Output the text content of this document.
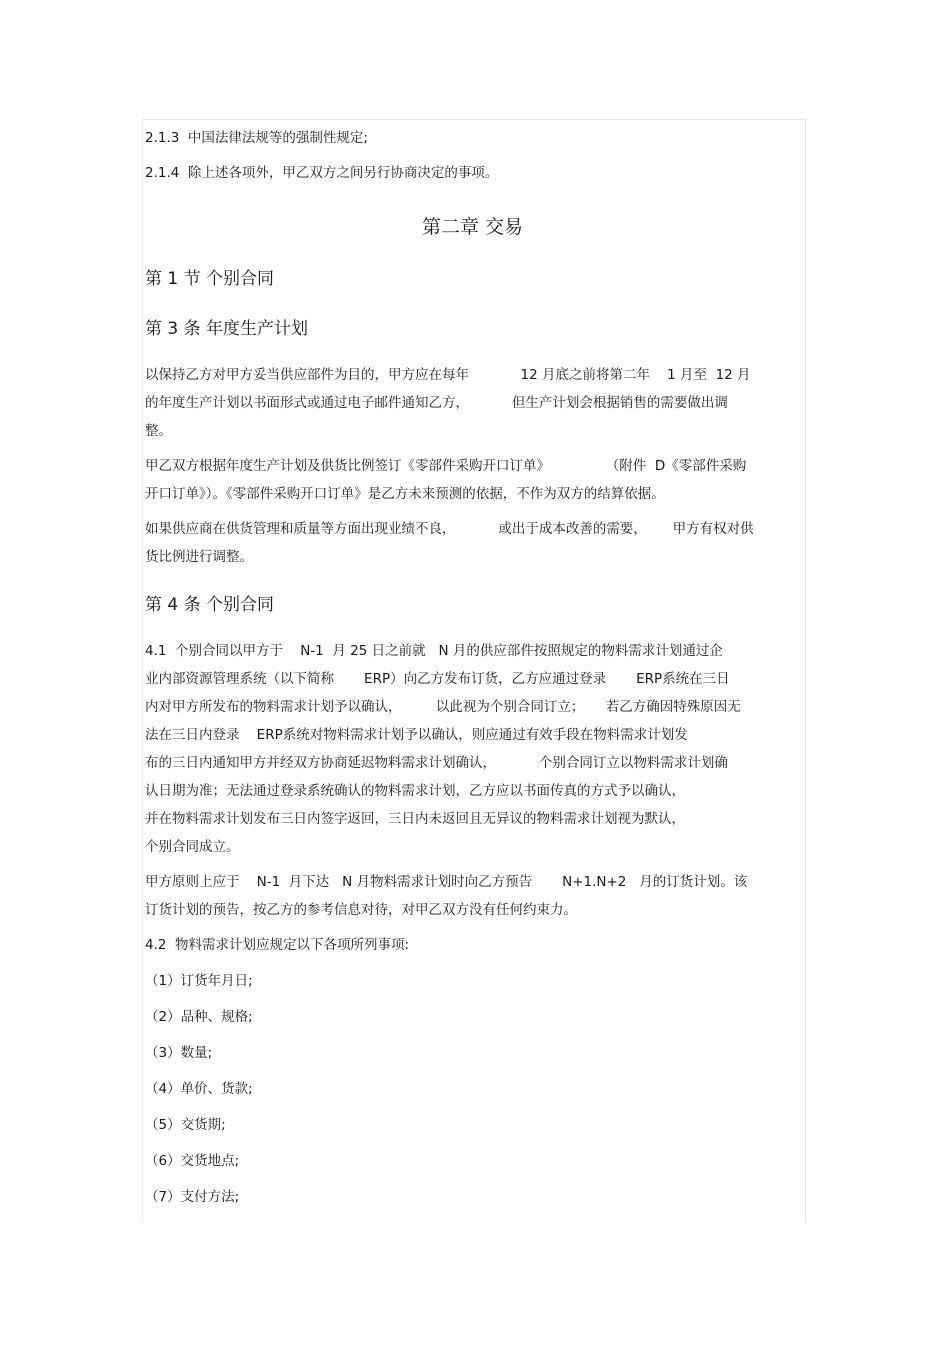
2.1.3  中国法律法规等的强制性规定;

2.1.4  除上述各项外，甲乙双方之间另行协商决定的事项。

第二章 交易
第 1 节 个别合同
第 3 条 年度生产计划

以保持乙方对甲方妥当供应部件为目的，甲方应在每年            12 月底之前将第二年    1 月至  12 月
的年度生产计划以书面形式或通过电子邮件通知乙方，          但生产计划会根据销售的需要做出调
整。

甲乙双方根据年度生产计划及供货比例签订《零部件采购开口订单》             （附件  D《零部件采购
开口订单》）。《零部件采购开口订单》是乙方未来预测的依据，不作为双方的结算依据。

如果供应商在供货管理和质量等方面出现业绩不良，          或出于成本改善的需要，      甲方有权对供
货比例进行调整。

第 4 条 个别合同

4.1  个别合同以甲方于    N-1  月 25 日之前就   N 月的供应部件按照规定的物料需求计划通过企
业内部资源管理系统（以下简称       ERP）向乙方发布订货，乙方应通过登录       ERP系统在三日
内对甲方所发布的物料需求计划予以确认，        以此视为个别合同订立；     若乙方确因特殊原因无
法在三日内登录    ERP系统对物料需求计划予以确认，则应通过有效手段在物料需求计划发
布的三日内通知甲方并经双方协商延迟物料需求计划确认，          个别合同订立以物料需求计划确
认日期为准；无法通过登录系统确认的物料需求计划，乙方应以书面传真的方式予以确认，
并在物料需求计划发布三日内签字返回，三日内未返回且无异议的物料需求计划视为默认，
个别合同成立。

甲方原则上应于    N-1  月下达   N 月物料需求计划时向乙方预告       N+1.N+2   月的订货计划。该
订货计划的预告，按乙方的参考信息对待，对甲乙双方没有任何约束力。

4.2  物料需求计划应规定以下各项所列事项:

（1）订货年月日;

（2）品种、规格;

（3）数量;

（4）单价、货款;

（5）交货期;

（6）交货地点;

（7）支付方法;
